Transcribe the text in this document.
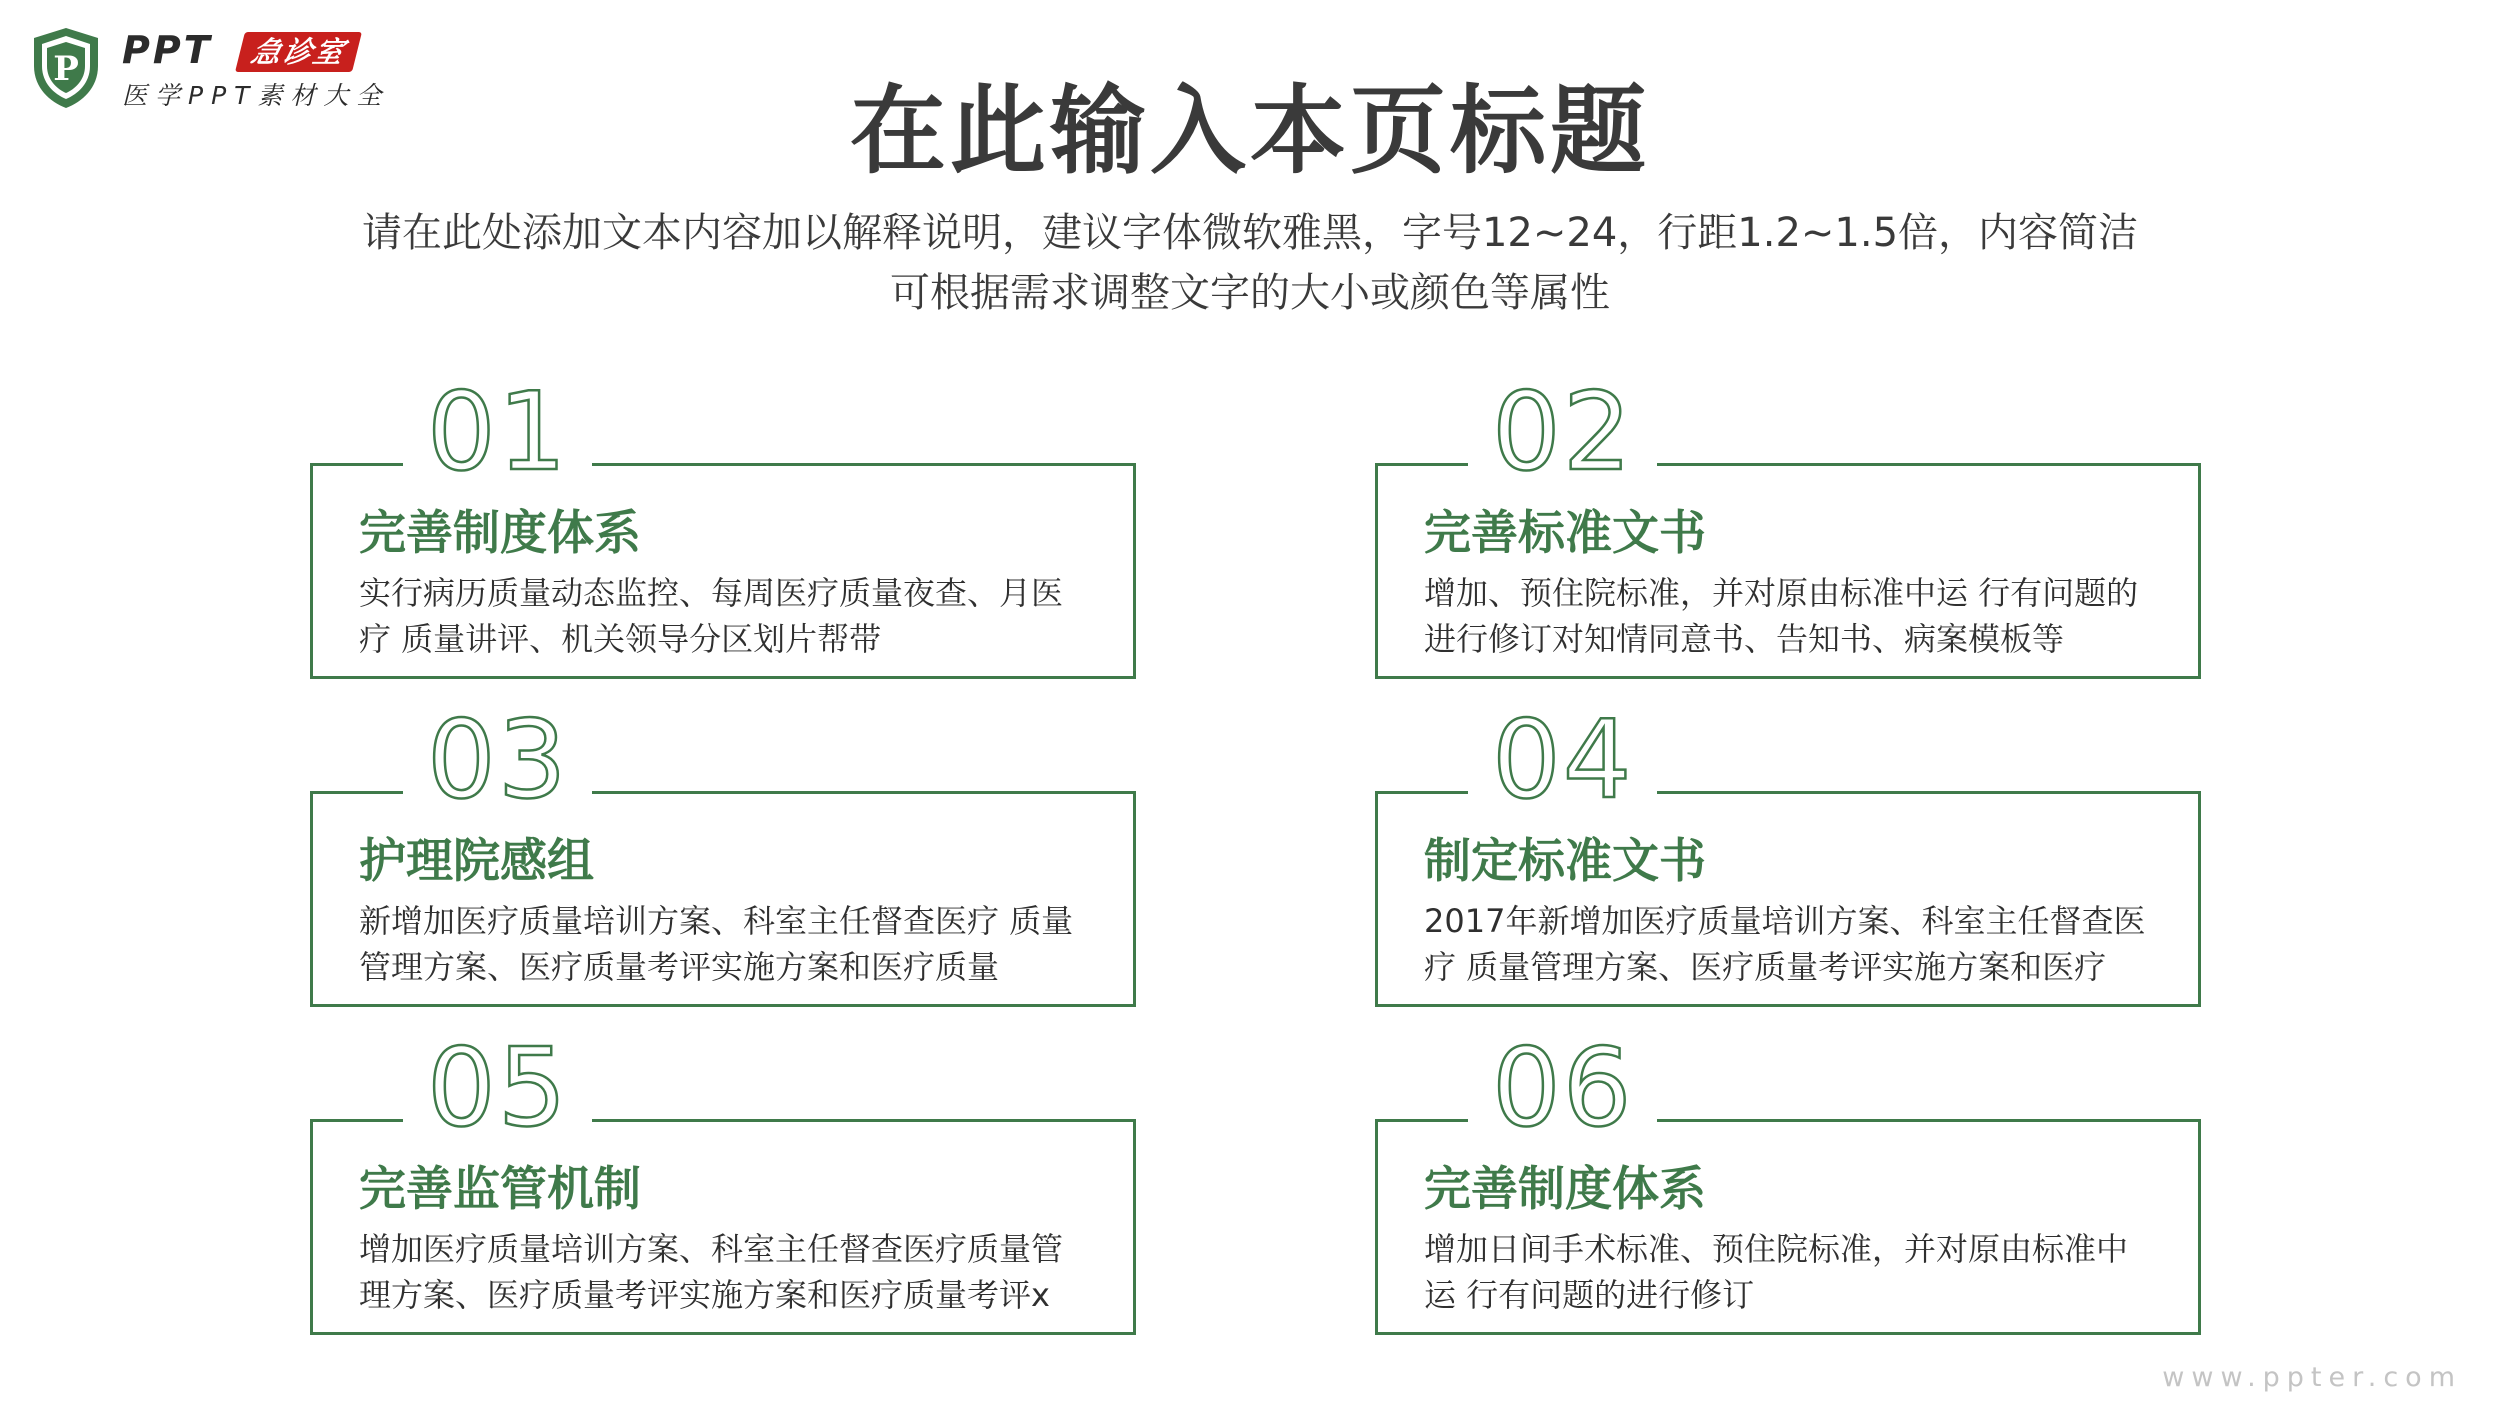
P PPT	急诊室
医学PPT素材大全	在此输入本页标题
请在此处添加文本内容加以解释说明，建议字体微软雅黑，字号12~24，行距1.2~1.5倍，内容简洁
可根据需求调整文字的大小或颜色等属性
01
完善制度体系
实行病历质量动态监控、每周医疗质量夜查、月医
疗 质量讲评、机关领导分区划片帮带
02
完善标准文书
增加、预住院标准，并对原由标准中运 行有问题的
进行修订对知情同意书、告知书、病案模板等
03
护理院感组
新增加医疗质量培训方案、科室主任督查医疗 质量
管理方案、医疗质量考评实施方案和医疗质量
04
制定标准文书
2017年新增加医疗质量培训方案、科室主任督查医
疗 质量管理方案、医疗质量考评实施方案和医疗
05
完善监管机制
增加医疗质量培训方案、科室主任督查医疗质量管
理方案、医疗质量考评实施方案和医疗质量考评x
06
完善制度体系
增加日间手术标准、预住院标准，并对原由标准中
运 行有问题的进行修订
www.ppter.com
